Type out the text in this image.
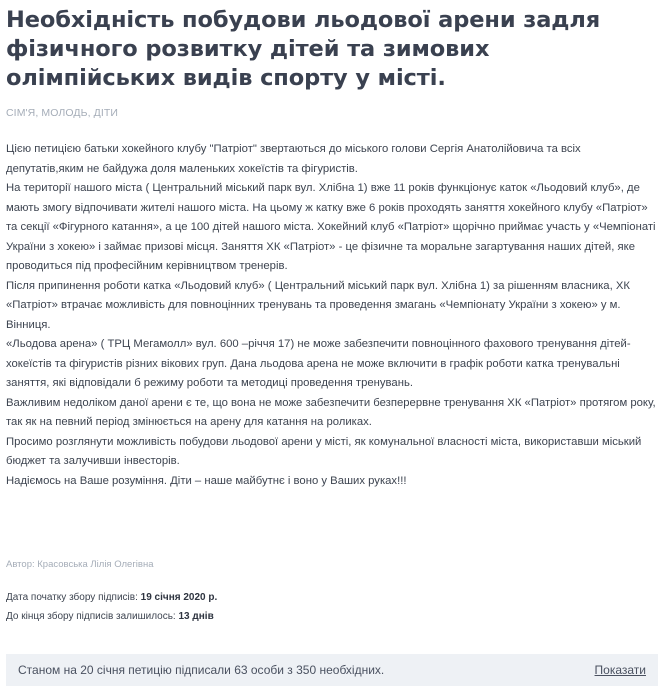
Необхідність побудови льодової арени задля фізичного розвитку дітей та зимових олімпійських видів спорту у місті.
СІМ'Я, МОЛОДЬ, ДІТИ

Цією петицією батьки хокейного клубу "Патріот" звертаються до міського голови Сергія Анатолійовича та всіх депутатів,яким не байдужа доля маленьких хокеїстів та фігуристів.

На території нашого міста ( Центральний міський парк вул. Хлібна 1) вже 11 років функціонує каток «Льодовий клуб», де мають змогу відпочивати жителі нашого міста. На цьому ж катку вже 6 років проходять заняття хокейного клубу «Патріот» та секції «Фігурного катання», а це 100 дітей нашого міста. Хокейний клуб «Патріот» щорічно приймає участь у «Чемпіонаті України з хокею» і займає призові місця. Заняття ХК «Патріот» - це фізичне та моральне загартування наших дітей, яке проводиться під професійним керівництвом тренерів.

Після припинення роботи катка «Льодовий клуб» ( Центральний міський парк вул. Хлібна 1) за рішенням власника, ХК «Патріот» втрачає можливість для повноцінних тренувань та проведення змагань «Чемпіонату України з хокею» у м. Вінниця.

«Льодова арена» ( ТРЦ Мегамолл» вул. 600 –річчя 17) не може забезпечити повноцінного фахового тренування дітей-хокеїстів та фігуристів різних вікових груп. Дана льодова арена не може включити в графік роботи катка тренувальні заняття, які відповідали б режиму роботи та методиці проведення тренувань.

Важливим недоліком даної арени є те, що вона не може забезпечити безперервне тренування ХК «Патріот» протягом року, так як на певний період змінюється на арену для катання на роликах.

Просимо розглянути можливість побудови льодової арени у місті, як комунальної власності міста, використавши міський бюджет та залучивши інвесторів.

Надіємось на Ваше розуміння. Діти – наше майбутнє і воно у Ваших руках!!!

Автор: Красовська Лілія Олегівна
Дата початку збору підписів: 19 січня 2020 р.
До кінця збору підписів залишилось: 13 днів
Станом на 20 січня петицію підписали 63 особи з 350 необхідних.	Показати
